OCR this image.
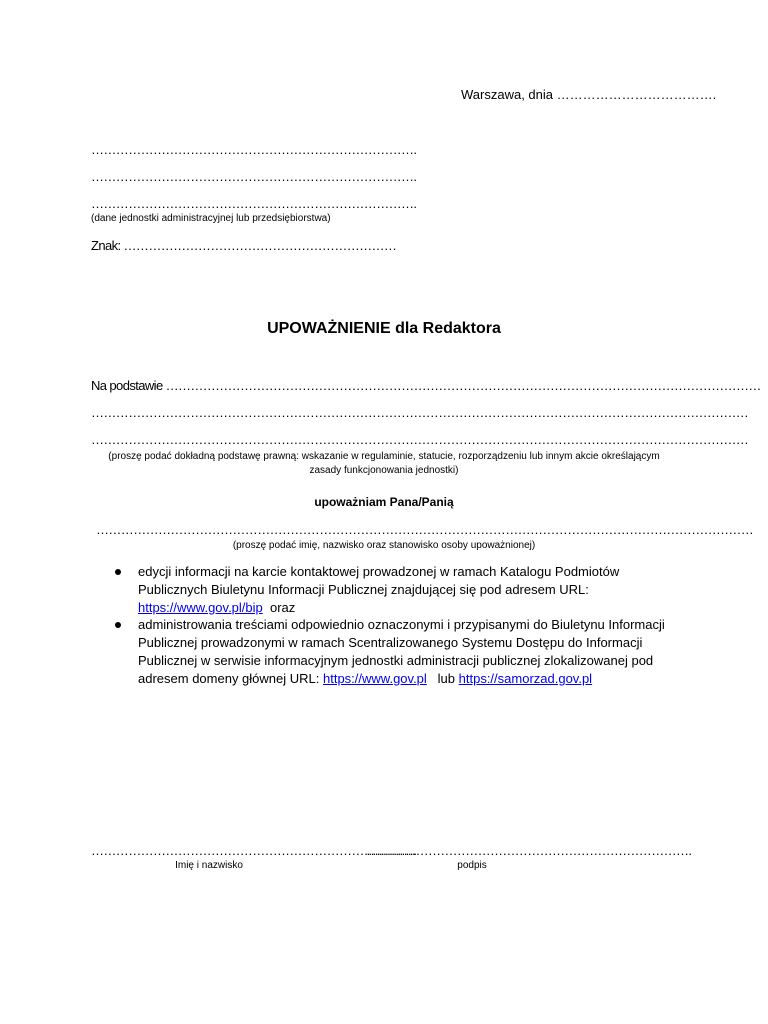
Warszawa, dnia ……………………………….
…………………………………………………………………….
…………………………………………………………………….
…………………………………………………………………….
(dane jednostki administracyjnej lub przedsiębiorstwa)
Znak: …………………………………………………………
UPOWAŻNIENIE dla Redaktora
Na podstawie ………………………………………………………………………………………………………………………………
……………………………………………………………………………………………………………………………………………
……………………………………………………………………………………………………………………………………………
(proszę podać dokładną podstawę prawną: wskazanie w regulaminie, statucie, rozporządzeniu lub innym akcie określającym
zasady funkcjonowania jednostki)
upoważniam Pana/Panią
……………………………………………………………………………………………………………………………………………
(proszę podać imię, nazwisko oraz stanowisko osoby upoważnionej)
edycji informacji na karcie kontaktowej prowadzonej w ramach Katalogu Podmiotów
Publicznych Biuletynu Informacji Publicznej znajdującej się pod adresem URL:
https://www.gov.pl/bip oraz
administrowania treściami odpowiednio oznaczonymi i przypisanymi do Biuletynu Informacji
Publicznej prowadzonymi w ramach Scentralizowanego Systemu Dostępu do Informacji
Publicznej w serwisie informacyjnym jednostki administracji publicznej zlokalizowanej pod
adresem domeny głównej URL: https://www.gov.pl lub https://samorzad.gov.pl
…………………………………………………………………….
Imię i nazwisko
…………………………………………………………………….
podpis
